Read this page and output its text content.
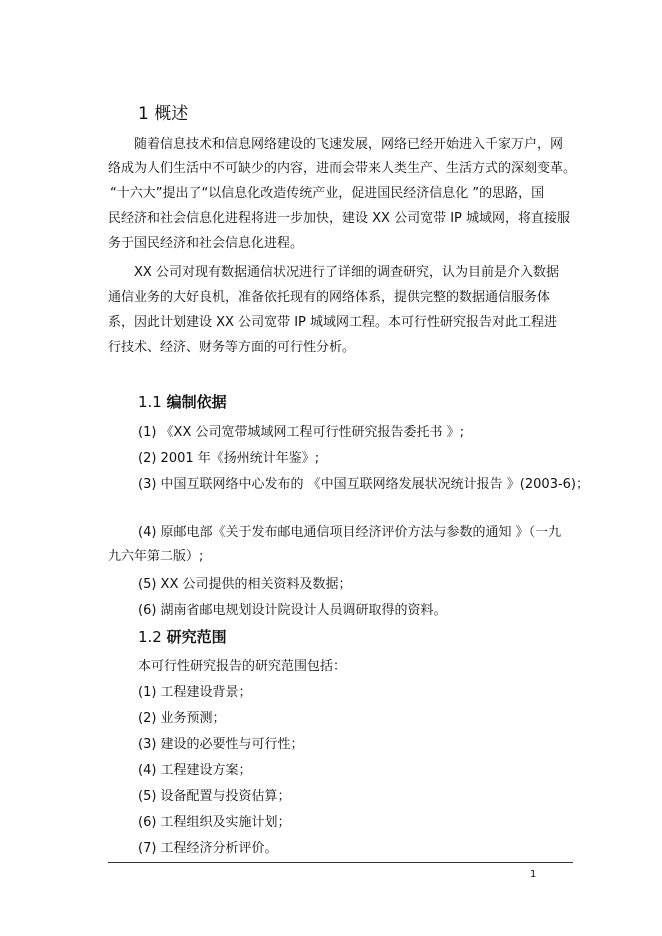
1 概述
随着信息技术和信息网络建设的飞速发展，网络已经开始进入千家万户，网
络成为人们生活中不可缺少的内容，进而会带来人类生产、生活方式的深刻变革。
“十六大”提出了“以信息化改造传统产业，促进国民经济信息化 ”的思路，国
民经济和社会信息化进程将进一步加快，建设 XX 公司宽带 IP 城域网，将直接服
务于国民经济和社会信息化进程。
XX 公司对现有数据通信状况进行了详细的调查研究，认为目前是介入数据
通信业务的大好良机，准备依托现有的网络体系，提供完整的数据通信服务体
系，因此计划建设 XX 公司宽带 IP 城域网工程。本可行性研究报告对此工程进
行技术、经济、财务等方面的可行性分析。
1.1 编制依据
(1) 《XX 公司宽带城域网工程可行性研究报告委托书 》;
(2) 2001 年《扬州统计年鉴》;
(3) 中国互联网络中心发布的 《中国互联网络发展状况统计报告 》(2003-6)；
(4) 原邮电部《关于发布邮电通信项目经济评价方法与参数的通知 》（一九
九六年第二版）;
(5) XX 公司提供的相关资料及数据；
(6) 湖南省邮电规划设计院设计人员调研取得的资料。
1.2 研究范围
本可行性研究报告的研究范围包括：
(1) 工程建设背景；
(2) 业务预测；
(3) 建设的必要性与可行性；
(4) 工程建设方案；
(5) 设备配置与投资估算；
(6) 工程组织及实施计划；
(7) 工程经济分析评价。
1
